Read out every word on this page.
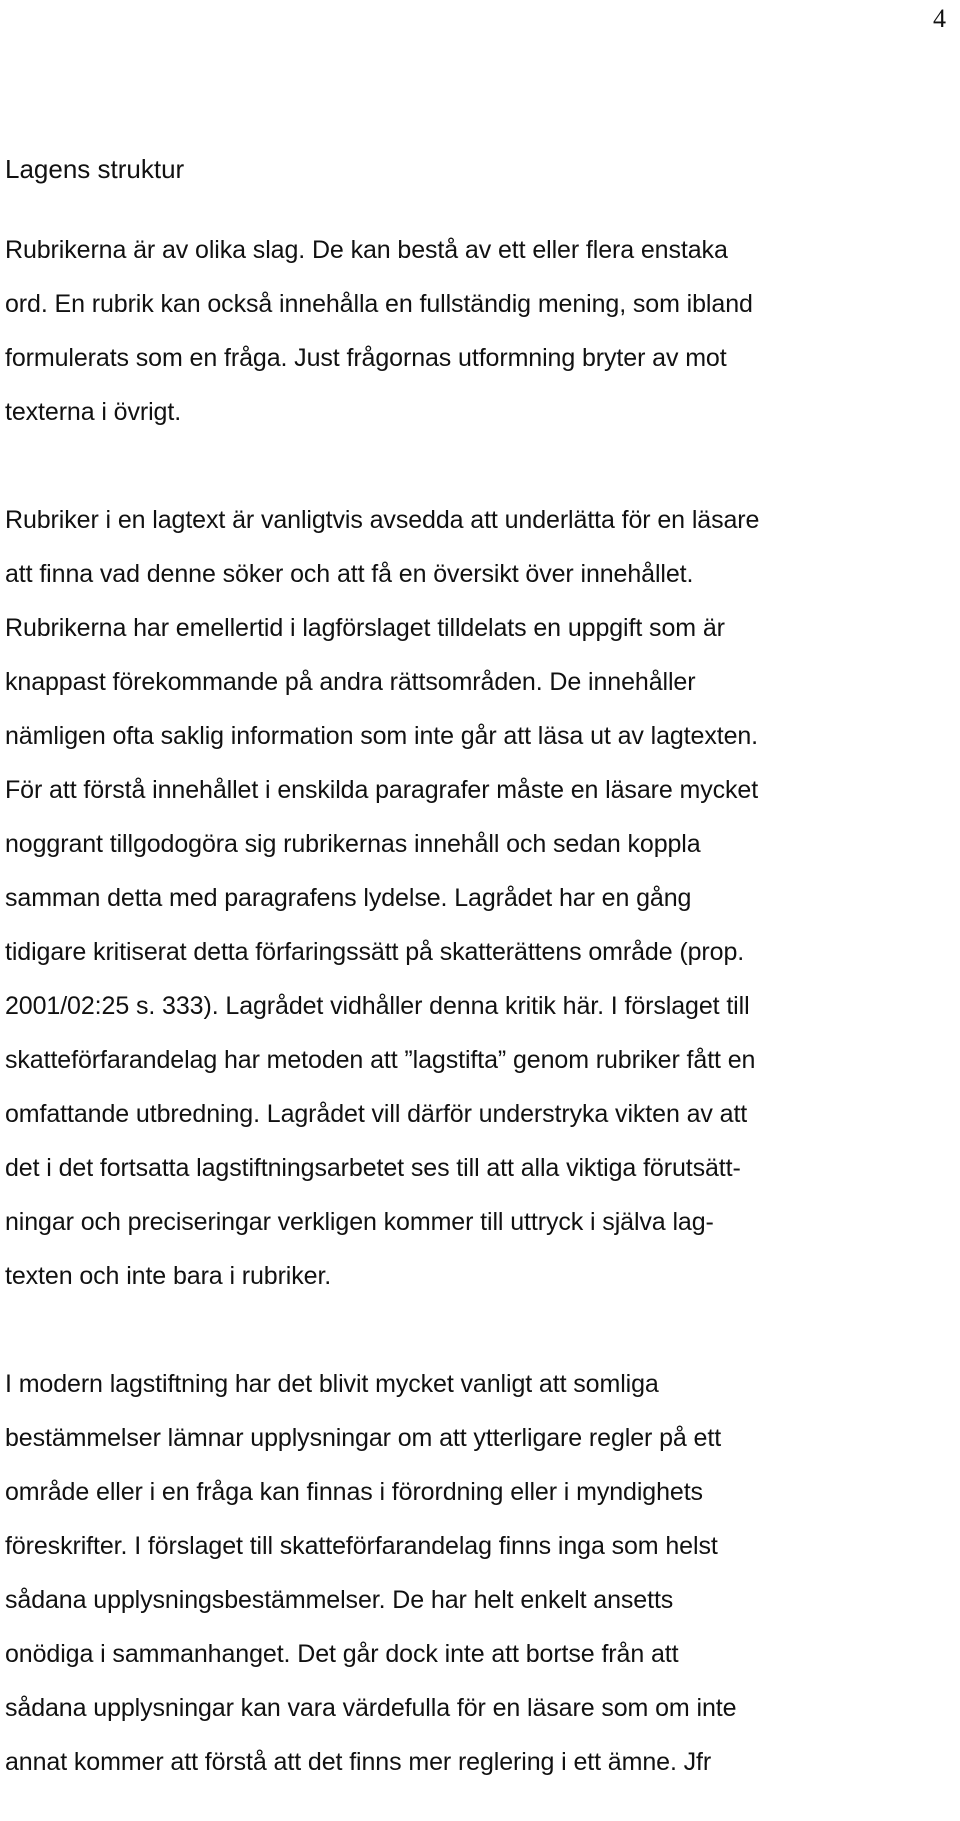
4
Lagens struktur
Rubrikerna är av olika slag. De kan bestå av ett eller flera enstaka
ord. En rubrik kan också innehålla en fullständig mening, som ibland
formulerats som en fråga. Just frågornas utformning bryter av mot
texterna i övrigt.
Rubriker i en lagtext är vanligtvis avsedda att underlätta för en läsare
att finna vad denne söker och att få en översikt över innehållet.
Rubrikerna har emellertid i lagförslaget tilldelats en uppgift som är
knappast förekommande på andra rättsområden. De innehåller
nämligen ofta saklig information som inte går att läsa ut av lagtexten.
För att förstå innehållet i enskilda paragrafer måste en läsare mycket
noggrant tillgodogöra sig rubrikernas innehåll och sedan koppla
samman detta med paragrafens lydelse. Lagrådet har en gång
tidigare kritiserat detta förfaringssätt på skatterättens område (prop.
2001/02:25 s. 333). Lagrådet vidhåller denna kritik här. I förslaget till
skatteförfarandelag har metoden att ”lagstifta” genom rubriker fått en
omfattande utbredning. Lagrådet vill därför understryka vikten av att
det i det fortsatta lagstiftningsarbetet ses till att alla viktiga förutsätt-
ningar och preciseringar verkligen kommer till uttryck i själva lag-
texten och inte bara i rubriker.
I modern lagstiftning har det blivit mycket vanligt att somliga
bestämmelser lämnar upplysningar om att ytterligare regler på ett
område eller i en fråga kan finnas i förordning eller i myndighets
föreskrifter. I förslaget till skatteförfarandelag finns inga som helst
sådana upplysningsbestämmelser. De har helt enkelt ansetts
onödiga i sammanhanget. Det går dock inte att bortse från att
sådana upplysningar kan vara värdefulla för en läsare som om inte
annat kommer att förstå att det finns mer reglering i ett ämne. Jfr
